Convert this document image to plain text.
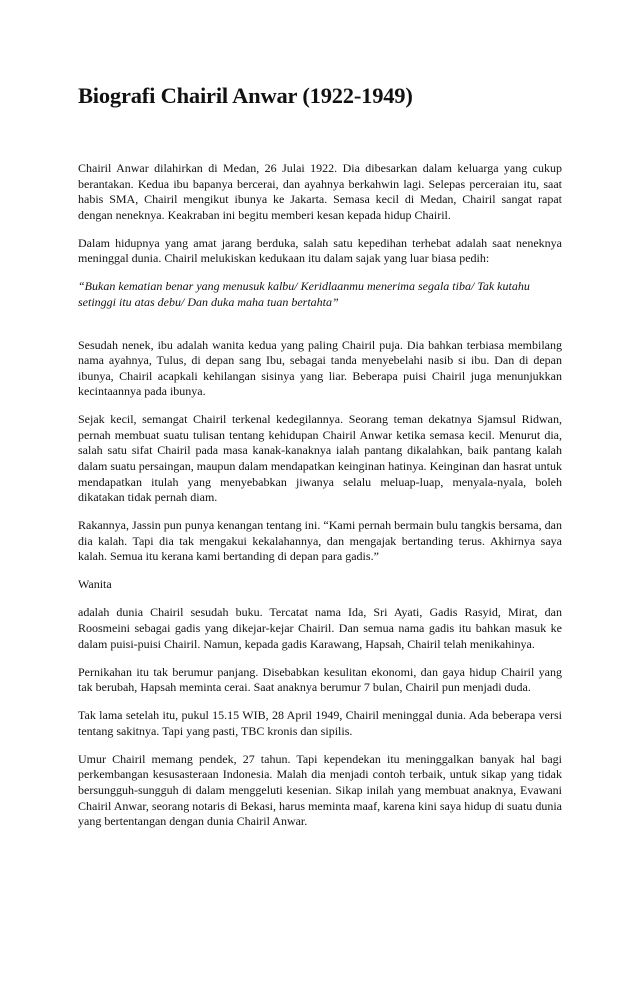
Biografi Chairil Anwar (1922-1949)

Chairil Anwar dilahirkan di Medan, 26 Julai 1922. Dia dibesarkan dalam keluarga yang cukup berantakan. Kedua ibu bapanya bercerai, dan ayahnya berkahwin lagi. Selepas perceraian itu, saat habis SMA, Chairil mengikut ibunya ke Jakarta. Semasa kecil di Medan, Chairil sangat rapat dengan neneknya. Keakraban ini begitu memberi kesan kepada hidup Chairil.

Dalam hidupnya yang amat jarang berduka, salah satu kepedihan terhebat adalah saat neneknya meninggal dunia. Chairil melukiskan kedukaan itu dalam sajak yang luar biasa pedih:

“Bukan kematian benar yang menusuk kalbu/ Keridlaanmu menerima segala tiba/ Tak kutahu setinggi itu atas debu/ Dan duka maha tuan bertahta”

Sesudah nenek, ibu adalah wanita kedua yang paling Chairil puja. Dia bahkan terbiasa membilang nama ayahnya, Tulus, di depan sang Ibu, sebagai tanda menyebelahi nasib si ibu. Dan di depan ibunya, Chairil acapkali kehilangan sisinya yang liar. Beberapa puisi Chairil juga menunjukkan kecintaannya pada ibunya.

Sejak kecil, semangat Chairil terkenal kedegilannya. Seorang teman dekatnya Sjamsul Ridwan, pernah membuat suatu tulisan tentang kehidupan Chairil Anwar ketika semasa kecil. Menurut dia, salah satu sifat Chairil pada masa kanak-kanaknya ialah pantang dikalahkan, baik pantang kalah dalam suatu persaingan, maupun dalam mendapatkan keinginan hatinya. Keinginan dan hasrat untuk mendapatkan itulah yang menyebabkan jiwanya selalu meluap-luap, menyala-nyala, boleh dikatakan tidak pernah diam.

Rakannya, Jassin pun punya kenangan tentang ini. “Kami pernah bermain bulu tangkis bersama, dan dia kalah. Tapi dia tak mengakui kekalahannya, dan mengajak bertanding terus. Akhirnya saya kalah. Semua itu kerana kami bertanding di depan para gadis.”

Wanita

adalah dunia Chairil sesudah buku. Tercatat nama Ida, Sri Ayati, Gadis Rasyid, Mirat, dan Roosmeini sebagai gadis yang dikejar-kejar Chairil. Dan semua nama gadis itu bahkan masuk ke dalam puisi-puisi Chairil. Namun, kepada gadis Karawang, Hapsah, Chairil telah menikahinya.

Pernikahan itu tak berumur panjang. Disebabkan kesulitan ekonomi, dan gaya hidup Chairil yang tak berubah, Hapsah meminta cerai. Saat anaknya berumur 7 bulan, Chairil pun menjadi duda.

Tak lama setelah itu, pukul 15.15 WIB, 28 April 1949, Chairil meninggal dunia. Ada beberapa versi tentang sakitnya. Tapi yang pasti, TBC kronis dan sipilis.

Umur Chairil memang pendek, 27 tahun. Tapi kependekan itu meninggalkan banyak hal bagi perkembangan kesusasteraan Indonesia. Malah dia menjadi contoh terbaik, untuk sikap yang tidak bersungguh-sungguh di dalam menggeluti kesenian. Sikap inilah yang membuat anaknya, Evawani Chairil Anwar, seorang notaris di Bekasi, harus meminta maaf, karena kini saya hidup di suatu dunia yang bertentangan dengan dunia Chairil Anwar.
